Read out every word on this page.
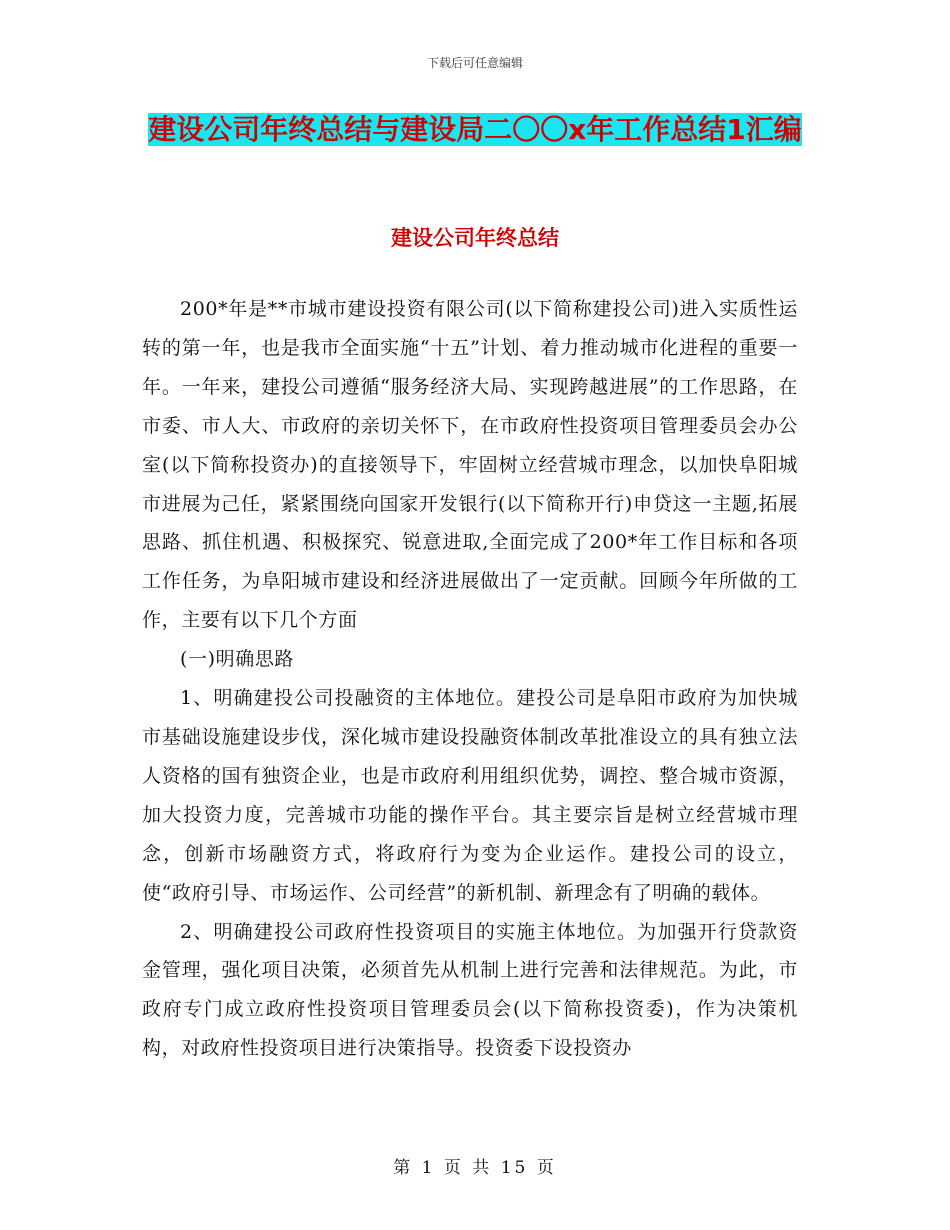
下载后可任意编辑
建设公司年终总结与建设局二〇〇x年工作总结1汇编
建设公司年终总结

200*年是**市城市建设投资有限公司(以下简称建投公司)进入实质性运转的第一年，也是我市全面实施“十五”计划、着力推动城市化进程的重要一年。一年来，建投公司遵循“服务经济大局、实现跨越进展”的工作思路，在市委、市人大、市政府的亲切关怀下，在市政府性投资项目管理委员会办公室(以下简称投资办)的直接领导下，牢固树立经营城市理念，以加快阜阳城市进展为己任，紧紧围绕向国家开发银行(以下简称开行)申贷这一主题,拓展思路、抓住机遇、积极探究、锐意进取,全面完成了200*年工作目标和各项工作任务，为阜阳城市建设和经济进展做出了一定贡献。回顾今年所做的工作，主要有以下几个方面

(一)明确思路

1、明确建投公司投融资的主体地位。建投公司是阜阳市政府为加快城市基础设施建设步伐，深化城市建设投融资体制改革批准设立的具有独立法人资格的国有独资企业，也是市政府利用组织优势，调控、整合城市资源，加大投资力度，完善城市功能的操作平台。其主要宗旨是树立经营城市理念，创新市场融资方式，将政府行为变为企业运作。建投公司的设立，使“政府引导、市场运作、公司经营”的新机制、新理念有了明确的载体。

2、明确建投公司政府性投资项目的实施主体地位。为加强开行贷款资金管理，强化项目决策，必须首先从机制上进行完善和法律规范。为此，市政府专门成立政府性投资项目管理委员会(以下简称投资委)，作为决策机构，对政府性投资项目进行决策指导。投资委下设投资办

第 1 页 共 15 页
